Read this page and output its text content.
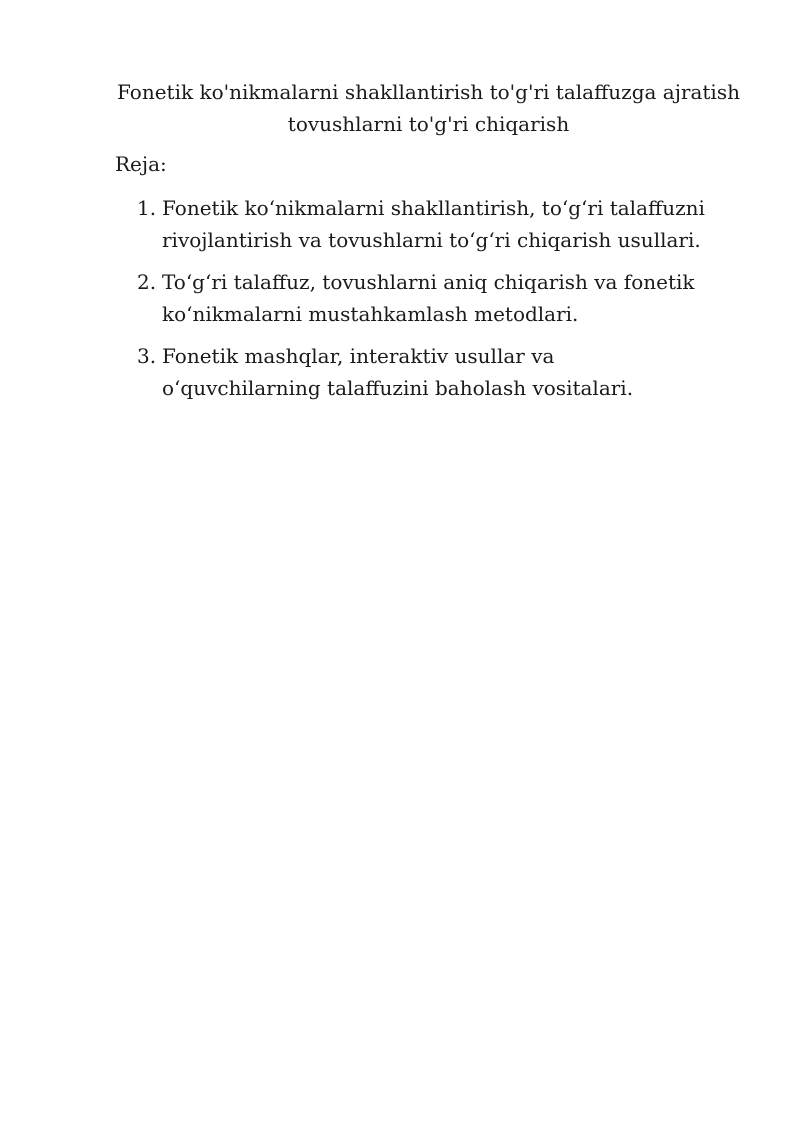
Fonetik ko'nikmalarni shakllantirish to'g'ri talaffuzga ajratish tovushlarni to'g'ri chiqarish

Reja:

1. Fonetik ko‘nikmalarni shakllantirish, to‘g‘ri talaffuzni rivojlantirish va tovushlarni to‘g‘ri chiqarish usullari.
2. To‘g‘ri talaffuz, tovushlarni aniq chiqarish va fonetik ko‘nikmalarni mustahkamlash metodlari.
3. Fonetik mashqlar, interaktiv usullar va o‘quvchilarning talaffuzini baholash vositalari.
